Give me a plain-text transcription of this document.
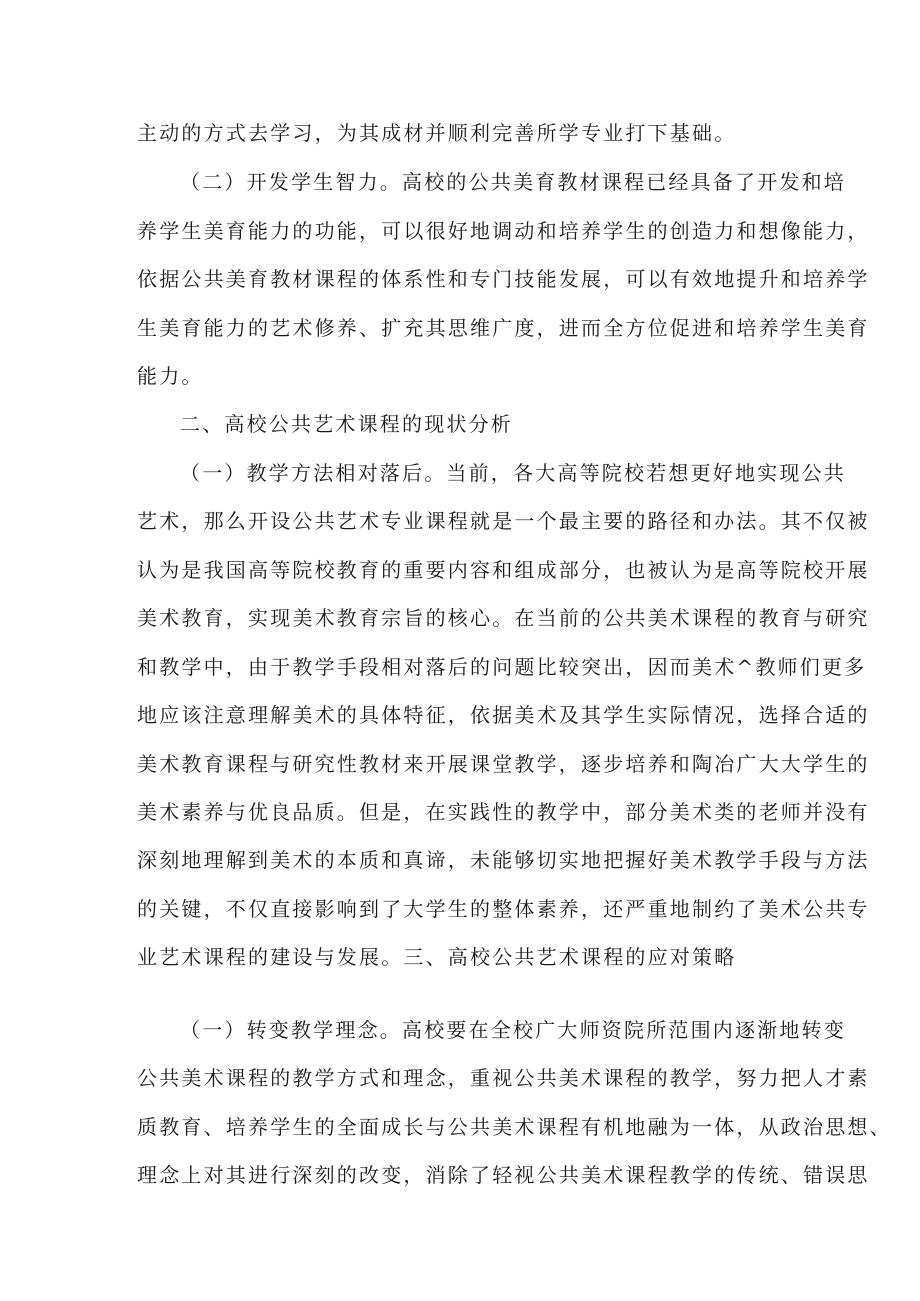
主动的方式去学习，为其成材并顺利完善所学专业打下基础。
（二）开发学生智力。高校的公共美育教材课程已经具备了开发和培
养学生美育能力的功能，可以很好地调动和培养学生的创造力和想像能力，
依据公共美育教材课程的体系性和专门技能发展，可以有效地提升和培养学
生美育能力的艺术修养、扩充其思维广度，进而全方位促进和培养学生美育
能力。
二、高校公共艺术课程的现状分析
（一）教学方法相对落后。当前，各大高等院校若想更好地实现公共
艺术，那么开设公共艺术专业课程就是一个最主要的路径和办法。其不仅被
认为是我国高等院校教育的重要内容和组成部分，也被认为是高等院校开展
美术教育，实现美术教育宗旨的核心。在当前的公共美术课程的教育与研究
和教学中，由于教学手段相对落后的问题比较突出，因而美术^教师们更多
地应该注意理解美术的具体特征，依据美术及其学生实际情况，选择合适的
美术教育课程与研究性教材来开展课堂教学，逐步培养和陶冶广大大学生的
美术素养与优良品质。但是，在实践性的教学中，部分美术类的老师并没有
深刻地理解到美术的本质和真谛，未能够切实地把握好美术教学手段与方法
的关键，不仅直接影响到了大学生的整体素养，还严重地制约了美术公共专
业艺术课程的建设与发展。三、高校公共艺术课程的应对策略
（一）转变教学理念。高校要在全校广大师资院所范围内逐渐地转变
公共美术课程的教学方式和理念，重视公共美术课程的教学，努力把人才素
质教育、培养学生的全面成长与公共美术课程有机地融为一体，从政治思想、
理念上对其进行深刻的改变，消除了轻视公共美术课程教学的传统、错误思
